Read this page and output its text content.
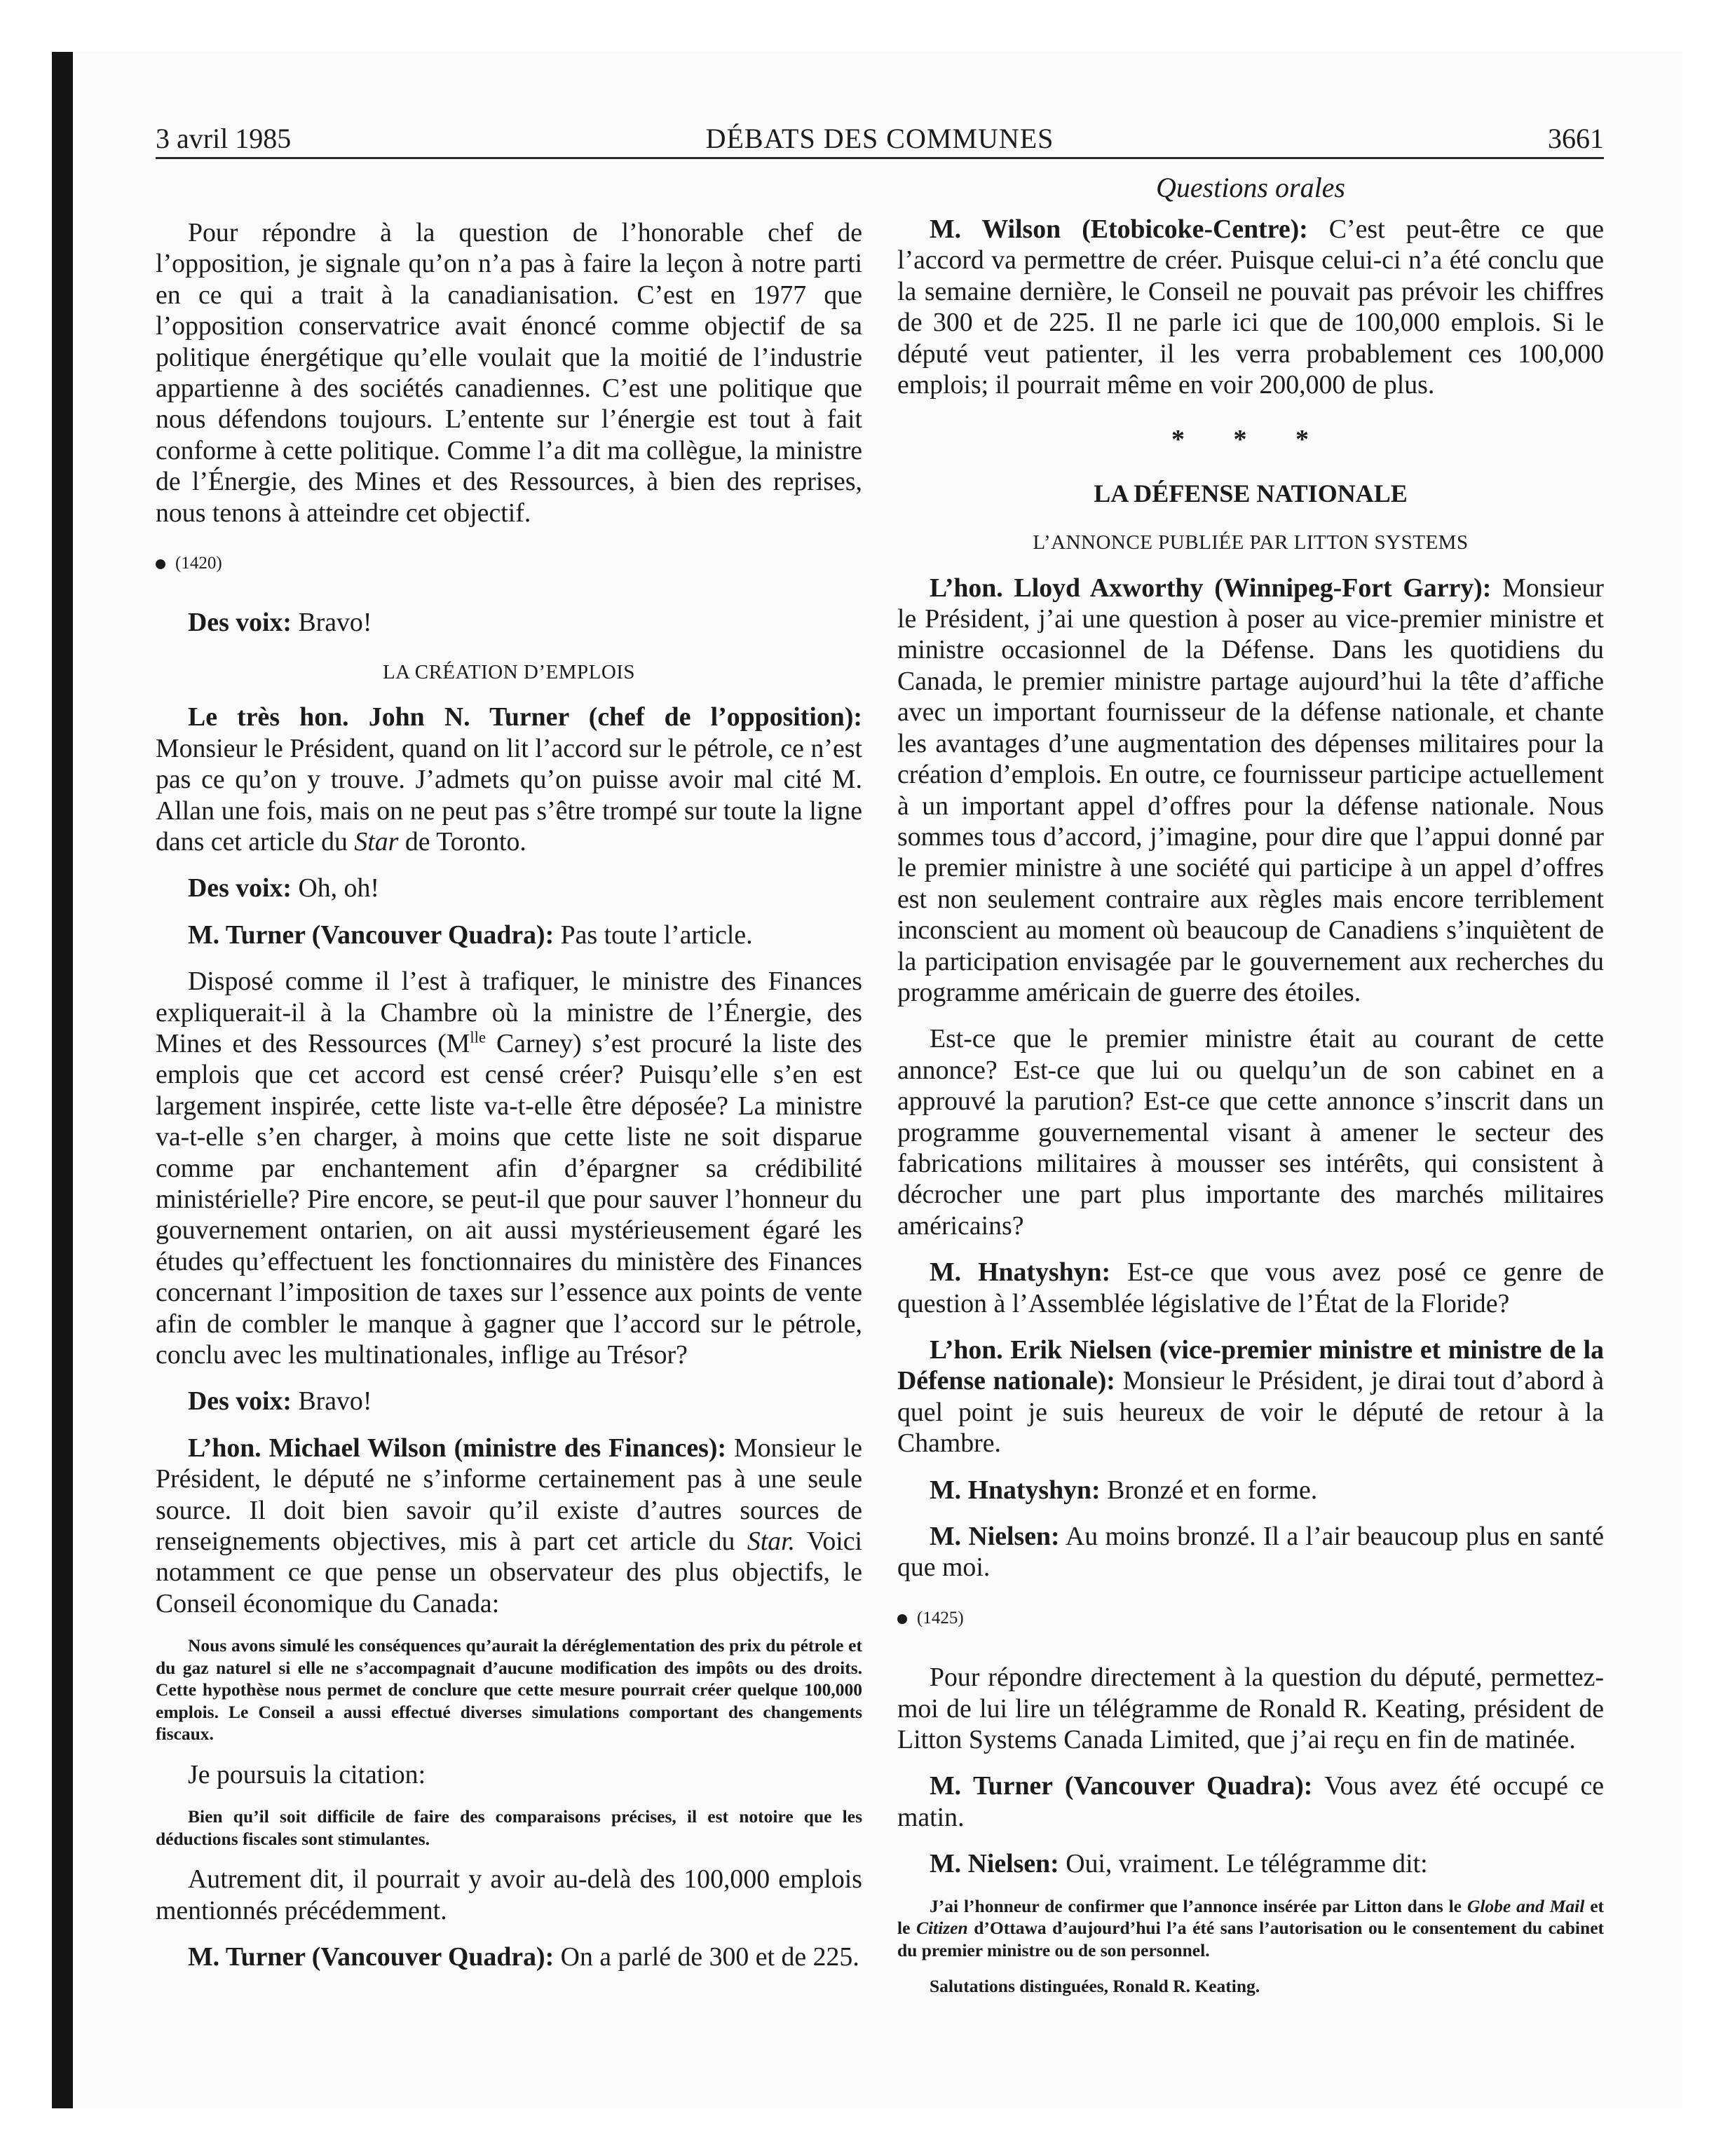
3 avril 1985	DÉBATS DES COMMUNES	3661
Questions orales

Pour répondre à la question de l’honorable chef de l’opposition, je signale qu’on n’a pas à faire la leçon à notre parti en ce qui a trait à la canadianisation. C’est en 1977 que l’opposition conservatrice avait énoncé comme objectif de sa politique énergétique qu’elle voulait que la moitié de l’industrie appartienne à des sociétés canadiennes. C’est une politique que nous défendons toujours. L’entente sur l’énergie est tout à fait conforme à cette politique. Comme l’a dit ma collègue, la ministre de l’Énergie, des Mines et des Ressources, à bien des reprises, nous tenons à atteindre cet objectif.

(1420)

Des voix: Bravo!

LA CRÉATION D’EMPLOIS

Le très hon. John N. Turner (chef de l’opposition): Monsieur le Président, quand on lit l’accord sur le pétrole, ce n’est pas ce qu’on y trouve. J’admets qu’on puisse avoir mal cité M. Allan une fois, mais on ne peut pas s’être trompé sur toute la ligne dans cet article du Star de Toronto.

Des voix: Oh, oh!

M. Turner (Vancouver Quadra): Pas toute l’article.

Disposé comme il l’est à trafiquer, le ministre des Finances expliquerait-il à la Chambre où la ministre de l’Énergie, des Mines et des Ressources ($M^{lle}$ Carney) s’est procuré la liste des emplois que cet accord est censé créer? Puisqu’elle s’en est largement inspirée, cette liste va-t-elle être déposée? La ministre va-t-elle s’en charger, à moins que cette liste ne soit disparue comme par enchantement afin d’épargner sa crédibilité ministérielle? Pire encore, se peut-il que pour sauver l’honneur du gouvernement ontarien, on ait aussi mystérieusement égaré les études qu’effectuent les fonctionnaires du ministère des Finances concernant l’imposition de taxes sur l’essence aux points de vente afin de combler le manque à gagner que l’accord sur le pétrole, conclu avec les multinationales, inflige au Trésor?

Des voix: Bravo!

L’hon. Michael Wilson (ministre des Finances): Monsieur le Président, le député ne s’informe certainement pas à une seule source. Il doit bien savoir qu’il existe d’autres sources de renseignements objectives, mis à part cet article du Star. Voici notamment ce que pense un observateur des plus objectifs, le Conseil économique du Canada:

Nous avons simulé les conséquences qu’aurait la déréglementation des prix du pétrole et du gaz naturel si elle ne s’accompagnait d’aucune modification des impôts ou des droits. Cette hypothèse nous permet de conclure que cette mesure pourrait créer quelque 100,000 emplois. Le Conseil a aussi effectué diverses simulations comportant des changements fiscaux.

Je poursuis la citation:

Bien qu’il soit difficile de faire des comparaisons précises, il est notoire que les déductions fiscales sont stimulantes.

Autrement dit, il pourrait y avoir au-delà des 100,000 emplois mentionnés précédemment.

M. Turner (Vancouver Quadra): On a parlé de 300 et de 225.

M. Wilson (Etobicoke-Centre): C’est peut-être ce que l’accord va permettre de créer. Puisque celui-ci n’a été conclu que la semaine dernière, le Conseil ne pouvait pas prévoir les chiffres de 300 et de 225. Il ne parle ici que de 100,000 emplois. Si le député veut patienter, il les verra probablement ces 100,000 emplois; il pourrait même en voir 200,000 de plus.

* * *

LA DÉFENSE NATIONALE

L’ANNONCE PUBLIÉE PAR LITTON SYSTEMS

L’hon. Lloyd Axworthy (Winnipeg-Fort Garry): Monsieur le Président, j’ai une question à poser au vice-premier ministre et ministre occasionnel de la Défense. Dans les quotidiens du Canada, le premier ministre partage aujourd’hui la tête d’affiche avec un important fournisseur de la défense nationale, et chante les avantages d’une augmentation des dépenses militaires pour la création d’emplois. En outre, ce fournisseur participe actuellement à un important appel d’offres pour la défense nationale. Nous sommes tous d’accord, j’imagine, pour dire que l’appui donné par le premier ministre à une société qui participe à un appel d’offres est non seulement contraire aux règles mais encore terriblement inconscient au moment où beaucoup de Canadiens s’inquiètent de la participation envisagée par le gouvernement aux recherches du programme américain de guerre des étoiles.

Est-ce que le premier ministre était au courant de cette annonce? Est-ce que lui ou quelqu’un de son cabinet en a approuvé la parution? Est-ce que cette annonce s’inscrit dans un programme gouvernemental visant à amener le secteur des fabrications militaires à mousser ses intérêts, qui consistent à décrocher une part plus importante des marchés militaires américains?

M. Hnatyshyn: Est-ce que vous avez posé ce genre de question à l’Assemblée législative de l’État de la Floride?

L’hon. Erik Nielsen (vice-premier ministre et ministre de la Défense nationale): Monsieur le Président, je dirai tout d’abord à quel point je suis heureux de voir le député de retour à la Chambre.

M. Hnatyshyn: Bronzé et en forme.

M. Nielsen: Au moins bronzé. Il a l’air beaucoup plus en santé que moi.

(1425)

Pour répondre directement à la question du député, permettez-moi de lui lire un télégramme de Ronald R. Keating, président de Litton Systems Canada Limited, que j’ai reçu en fin de matinée.

M. Turner (Vancouver Quadra): Vous avez été occupé ce matin.

M. Nielsen: Oui, vraiment. Le télégramme dit:

J’ai l’honneur de confirmer que l’annonce insérée par Litton dans le Globe and Mail et le Citizen d’Ottawa d’aujourd’hui l’a été sans l’autorisation ou le consentement du cabinet du premier ministre ou de son personnel.

Salutations distinguées, Ronald R. Keating.
